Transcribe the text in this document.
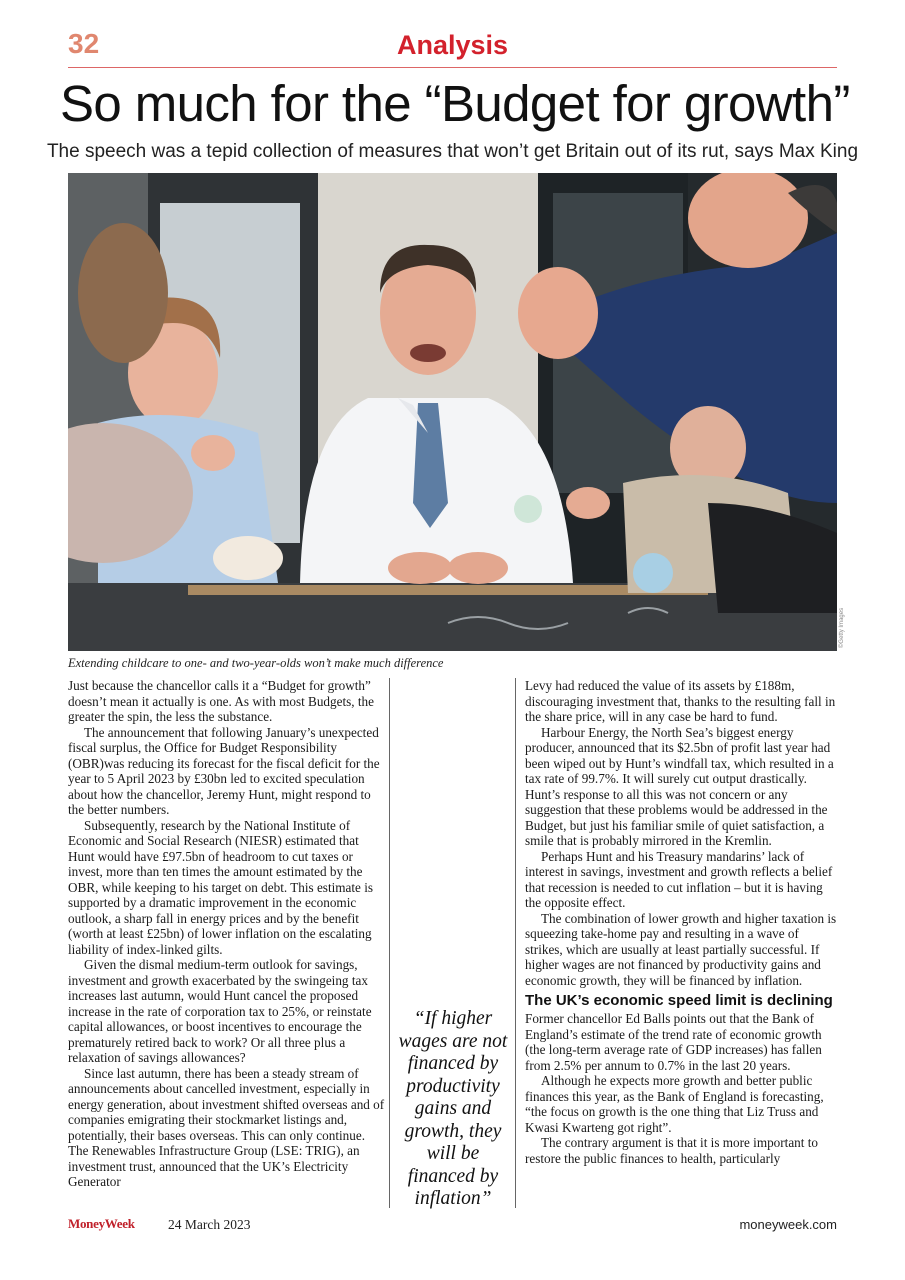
32	Analysis
So much for the “Budget for growth”
The speech was a tepid collection of measures that won’t get Britain out of its rut, says Max King
©Getty Images
Extending childcare to one- and two-year-olds won’t make much difference

Just because the chancellor calls it a “Budget for growth” doesn’t mean it actually is one. As with most Budgets, the greater the spin, the less the substance.

The announcement that following January’s unexpected fiscal surplus, the Office for Budget Responsibility (OBR)was reducing its forecast for the fiscal deficit for the year to 5 April 2023 by £30bn led to excited speculation about how the chancellor, Jeremy Hunt, might respond to the better numbers.

Subsequently, research by the National Institute of Economic and Social Research (NIESR) estimated that Hunt would have £97.5bn of headroom to cut taxes or invest, more than ten times the amount estimated by the OBR, while keeping to his target on debt. This estimate is supported by a dramatic improvement in the economic outlook, a sharp fall in energy prices and by the benefit (worth at least £25bn) of lower inflation on the escalating liability of index-linked gilts.

Given the dismal medium-term outlook for savings, investment and growth exacerbated by the swingeing tax increases last autumn, would Hunt cancel the proposed increase in the rate of corporation tax to 25%, or reinstate capital allowances, or boost incentives to encourage the prematurely retired back to work? Or all three plus a relaxation of savings allowances?

Since last autumn, there has been a steady stream of announcements about cancelled investment, especially in energy generation, about investment shifted overseas and of companies emigrating their stockmarket listings and, potentially, their bases overseas. This can only continue. The Renewables Infrastructure Group (LSE: TRIG), an investment trust, announced that the UK’s Electricity Generator

“If higher wages are not financed by productivity gains and growth, they will be financed by inflation”

Levy had reduced the value of its assets by £188m, discouraging investment that, thanks to the resulting fall in the share price, will in any case be hard to fund.

Harbour Energy, the North Sea’s biggest energy producer, announced that its $2.5bn of profit last year had been wiped out by Hunt’s windfall tax, which resulted in a tax rate of 99.7%. It will surely cut output drastically. Hunt’s response to all this was not concern or any suggestion that these problems would be addressed in the Budget, but just his familiar smile of quiet satisfaction, a smile that is probably mirrored in the Kremlin.

Perhaps Hunt and his Treasury mandarins’ lack of interest in savings, investment and growth reflects a belief that recession is needed to cut inflation – but it is having the opposite effect.

The combination of lower growth and higher taxation is squeezing take-home pay and resulting in a wave of strikes, which are usually at least partially successful. If higher wages are not financed by productivity gains and economic growth, they will be financed by inflation.

The UK’s economic speed limit is declining

Former chancellor Ed Balls points out that the Bank of England’s estimate of the trend rate of economic growth (the long-term average rate of GDP increases) has fallen from 2.5% per annum to 0.7% in the last 20 years.

Although he expects more growth and better public finances this year, as the Bank of England is forecasting, “the focus on growth is the one thing that Liz Truss and Kwasi Kwarteng got right”.

The contrary argument is that it is more important to restore the public finances to health, particularly

MoneyWeek 24 March 2023	moneyweek.com
